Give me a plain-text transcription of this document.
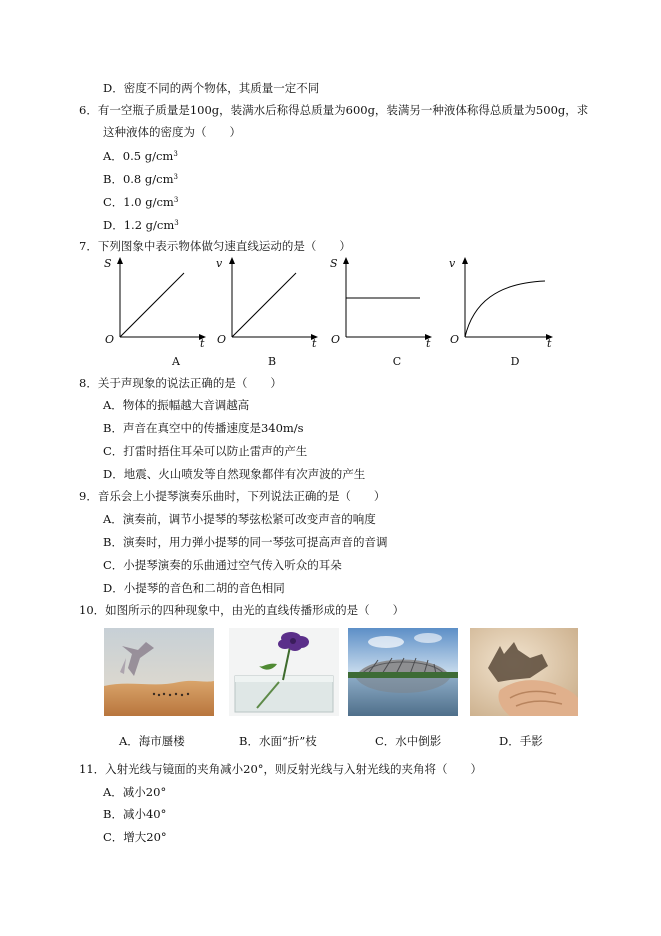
D．密度不同的两个物体，其质量一定不同
6．有一空瓶子质量是100g，装满水后称得总质量为600g，装满另一种液体称得总质量为500g，求
这种液体的密度为（　　）
A．0.5 $g/cm^3$
B．0.8 $g/cm^3$
C．1.0 $g/cm^3$
D．1.2 $g/cm^3$
7．下列图象中表示物体做匀速直线运动的是（　　）
S
O	t
A
v
O	t
B
S
O	t
C
v
O	t
D
8．关于声现象的说法正确的是（　　）
A．物体的振幅越大音调越高
B．声音在真空中的传播速度是340m/s
C．打雷时捂住耳朵可以防止雷声的产生
D．地震、火山喷发等自然现象都伴有次声波的产生
9．音乐会上小提琴演奏乐曲时，下列说法正确的是（　　）
A．演奏前，调节小提琴的琴弦松紧可改变声音的响度
B．演奏时，用力弹小提琴的同一琴弦可提高声音的音调
C．小提琴演奏的乐曲通过空气传入听众的耳朵
D．小提琴的音色和二胡的音色相同
10．如图所示的四种现象中，由光的直线传播形成的是（　　）
A．海市蜃楼	B．水面“折”枝	C．水中倒影	D．手影
11．入射光线与镜面的夹角减小20°，则反射光线与入射光线的夹角将（　　）
A．减小20°
B．减小40°
C．增大20°
